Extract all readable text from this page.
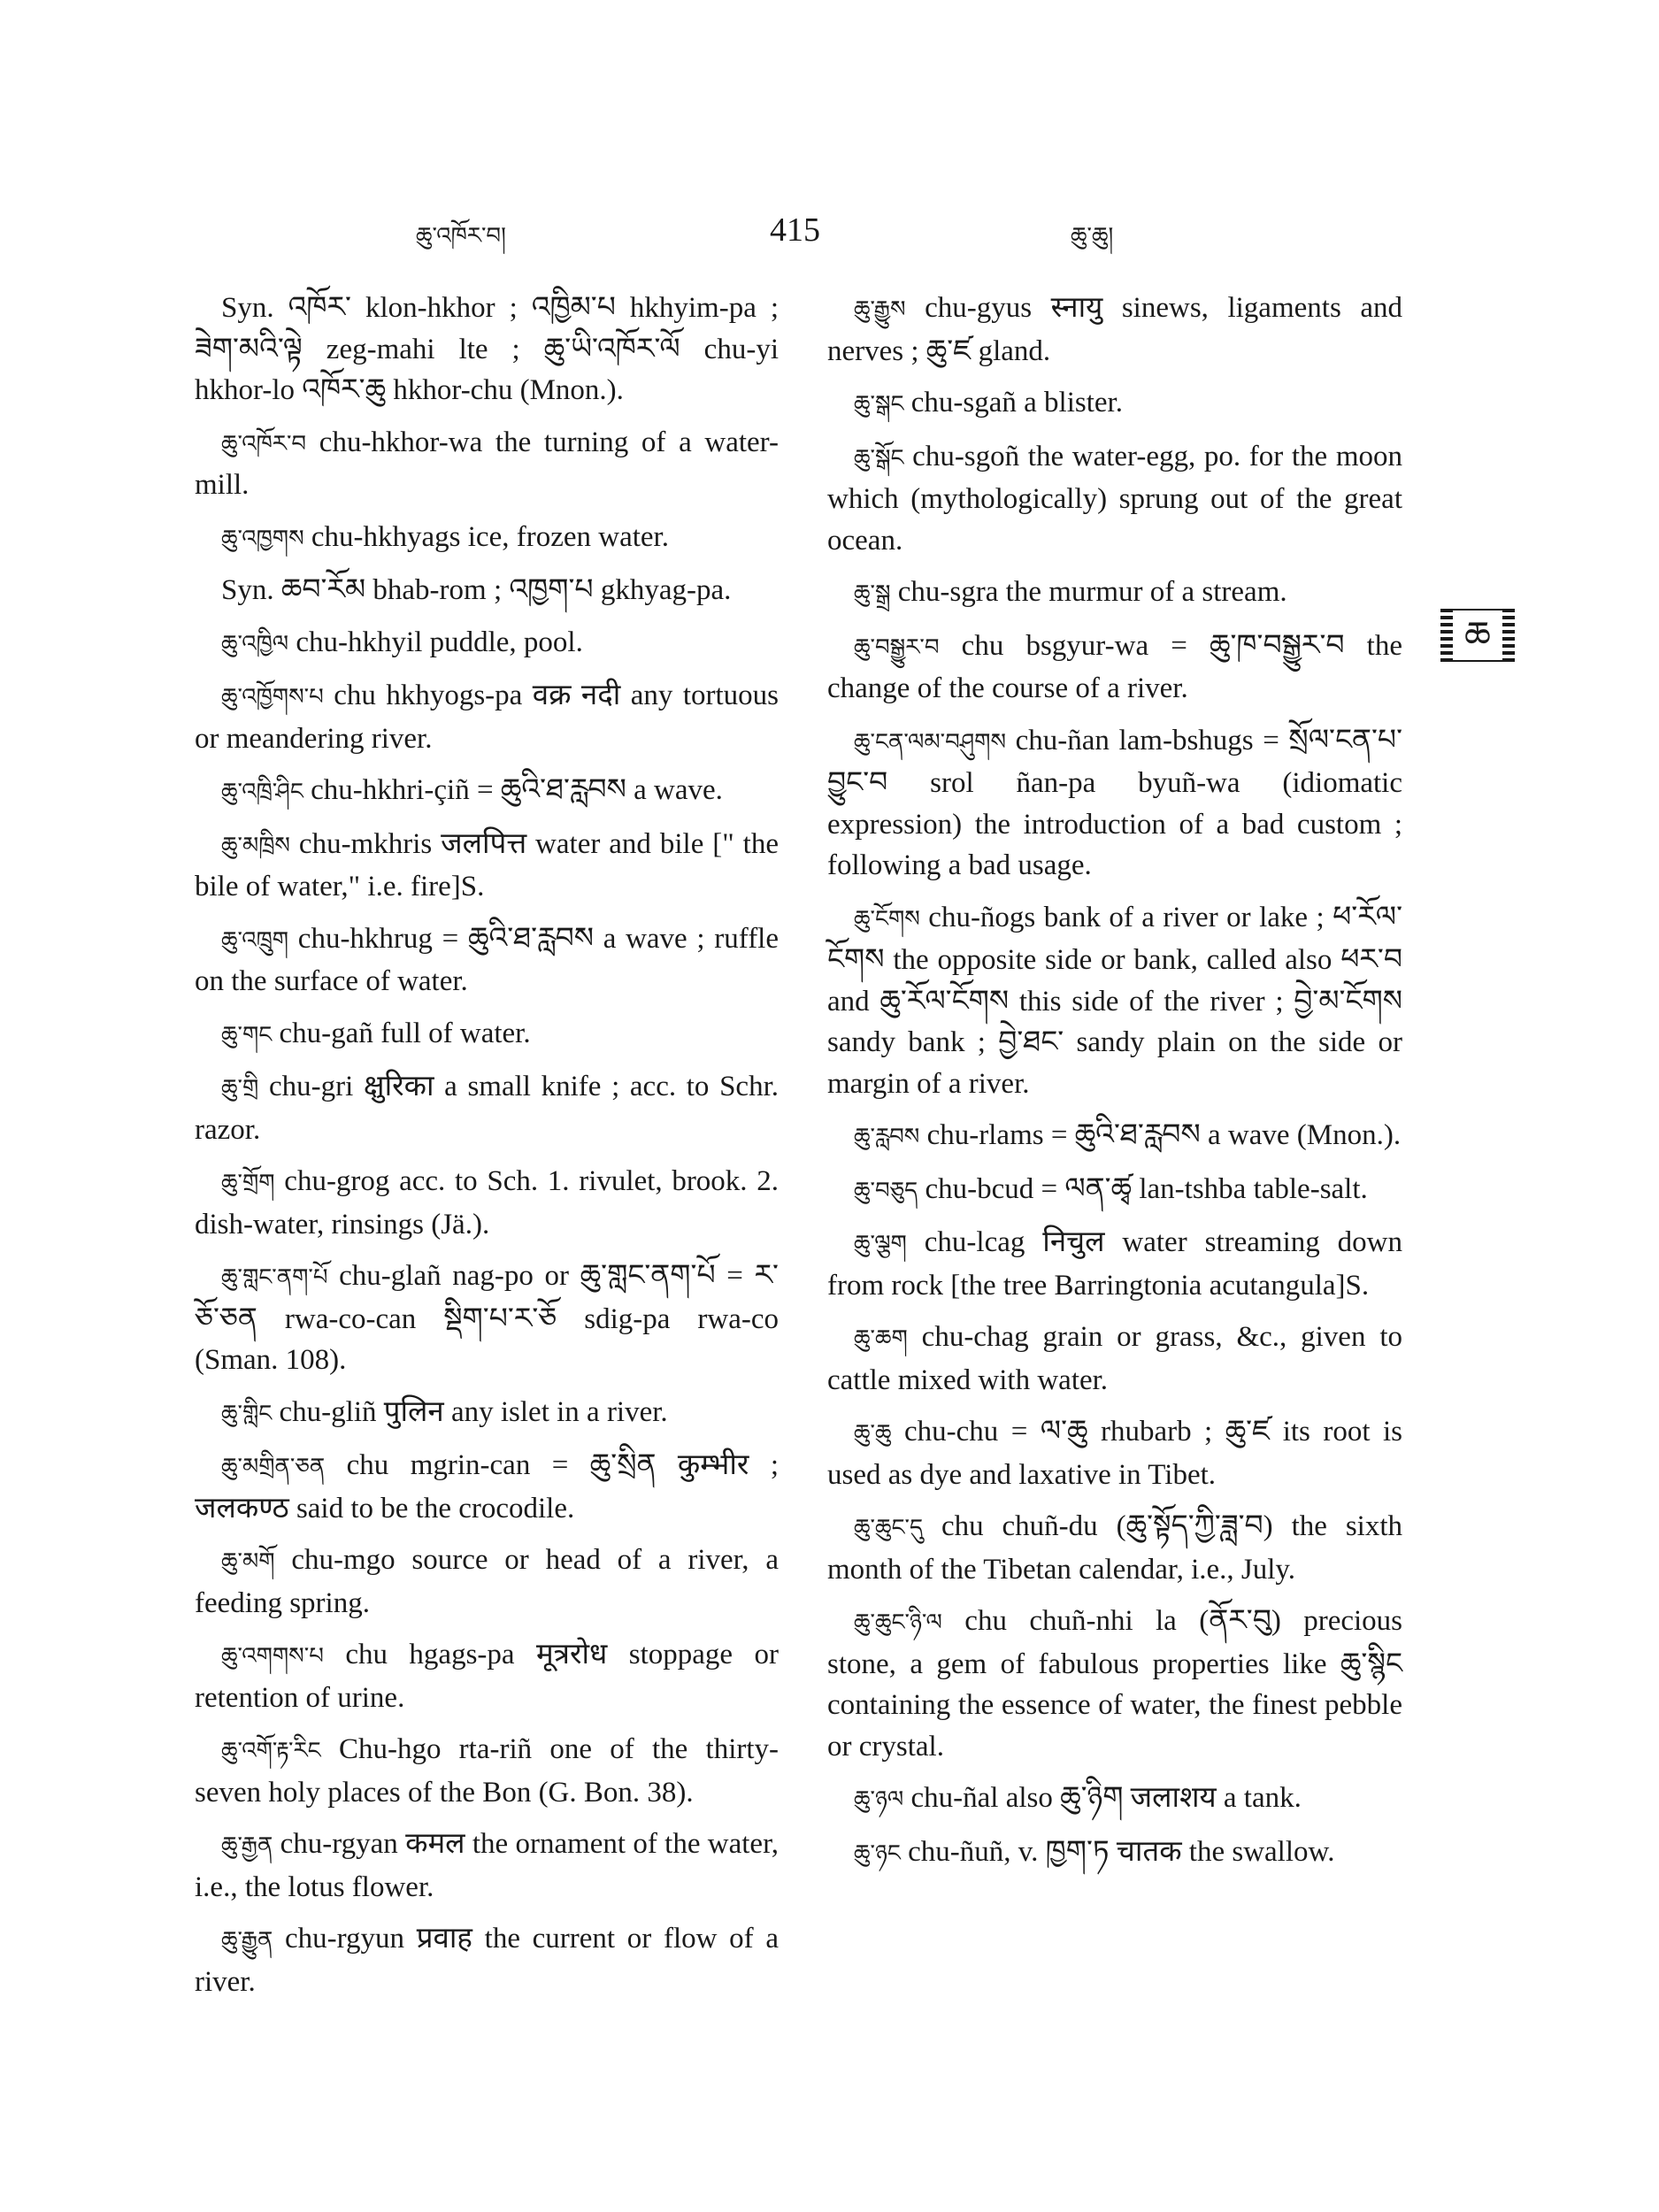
ཆུ་འཁོར་བ།	415	ཆུ་ཆུ།
ཆ

Syn. འཁོར་ klon-hkhor ; འཁྱིམ་པ hkhyim-pa ; ཟེག་མའི་ལྟེ zeg-mahi lte ; ཆུ་ཡི་འཁོར་ལོ chu-yi hkhor-lo འཁོར་ཆུ hkhor-chu (Mnon.).

ཆུ་འཁོར་བ chu-hkhor-wa the turning of a water-mill.

ཆུ་འཁྱགས chu-hkhyags ice, frozen water.

Syn. ཆབ་རོམ bhab-rom ; འཁྱག་པ gkhyag-pa.

ཆུ་འཁྱིལ chu-hkhyil puddle, pool.

ཆུ་འཁྱོགས་པ chu hkhyogs-pa वक्र नदी any tortuous or meandering river.

ཆུ་འཁྲི་ཤིང chu-hkhri-çiñ = ཆུའི་ཐ་རླབས a wave.

ཆུ་མཁྲིས chu-mkhris जलपित्त water and bile [" the bile of water," i.e. fire]S.

ཆུ་འཁྲུག chu-hkhrug = ཆུའི་ཐ་རླབས a wave ; ruffle on the surface of water.

ཆུ་གང chu-gañ full of water.

ཆུ་གྲི chu-gri क्षुरिका a small knife ; acc. to Schr. razor.

ཆུ་གྲོག chu-grog acc. to Sch. 1. rivulet, brook. 2. dish-water, rinsings (Jä.).

ཆུ་གླང་ནག་པོ chu-glañ nag-po or ཆུ་གླང་ནག་པོ = ར་ཅོ་ཅན rwa-co-can སྡིག་པ་ར་ཅོ sdig-pa rwa-co (Sman. 108).

ཆུ་གླིང chu-gliñ पुलिन any islet in a river.

ཆུ་མགྲིན་ཅན chu mgrin-can = ཆུ་སྲིན कुम्भीर ; जलकण्ठ said to be the crocodile.

ཆུ་མགོ chu-mgo source or head of a river, a feeding spring.

ཆུ་འགགས་པ chu hgags-pa मूत्ररोध stoppage or retention of urine.

ཆུ་འགོ་རྟ་རིང Chu-hgo rta-riñ one of the thirty-seven holy places of the Bon (G. Bon. 38).

ཆུ་རྒྱན chu-rgyan कमल the ornament of the water, i.e., the lotus flower.

ཆུ་རྒྱུན chu-rgyun प्रवाह the current or flow of a river.

ཆུ་རྒྱུས chu-gyus स्नायु sinews, ligaments and nerves ; ཆུ་ཛ gland.

ཆུ་སྒང chu-sgañ a blister.

ཆུ་སྒོང chu-sgoñ the water-egg, po. for the moon which (mythologically) sprung out of the great ocean.

ཆུ་སྒྲ chu-sgra the murmur of a stream.

ཆུ་བསྒྱུར་བ chu bsgyur-wa = ཆུ་ཁ་བསྒྱུར་བ the change of the course of a river.

ཆུ་ངན་ལམ་བཤུགས chu-ñan lam-bshugs = སྲོལ་ངན་པ་བྱུང་བ srol ñan-pa byuñ-wa (idiomatic expression) the introduction of a bad custom ; following a bad usage.

ཆུ་ངོགས chu-ñogs bank of a river or lake ; ཕ་རོལ་ངོགས the opposite side or bank, called also ཕར་བ and ཆུ་རོལ་ངོགས this side of the river ; བྱེ་མ་ངོགས sandy bank ; བྱེ་ཐང་ sandy plain on the side or margin of a river.

ཆུ་རླབས chu-rlams = ཆུའི་ཐ་རླབས a wave (Mnon.).

ཆུ་བཅུད chu-bcud = ལན་ཚྭ lan-tshba table-salt.

ཆུ་ལྕག chu-lcag निचुल water streaming down from rock [the tree Barringtonia acutangula]S.

ཆུ་ཆག chu-chag grain or grass, &c., given to cattle mixed with water.

ཆུ་ཆུ chu-chu = ལ་ཆུ rhubarb ; ཆུ་ཛ its root is used as dye and laxative in Tibet.

ཆུ་ཆུང་དུ chu chuñ-du (ཆུ་སྟོད་ཀྱི་ཟླ་བ) the sixth month of the Tibetan calendar, i.e., July.

ཆུ་ཆུང་ཉི་ལ chu chuñ-nhi la (ནོར་བུ) precious stone, a gem of fabulous properties like ཆུ་སྙིང containing the essence of water, the finest pebble or crystal.

ཆུ་ཉལ chu-ñal also ཆུ་ཉིག जलाशय a tank.

ཆུ་ཉང chu-ñuñ, v. ཁྱག་ཏ चातक the swallow.
